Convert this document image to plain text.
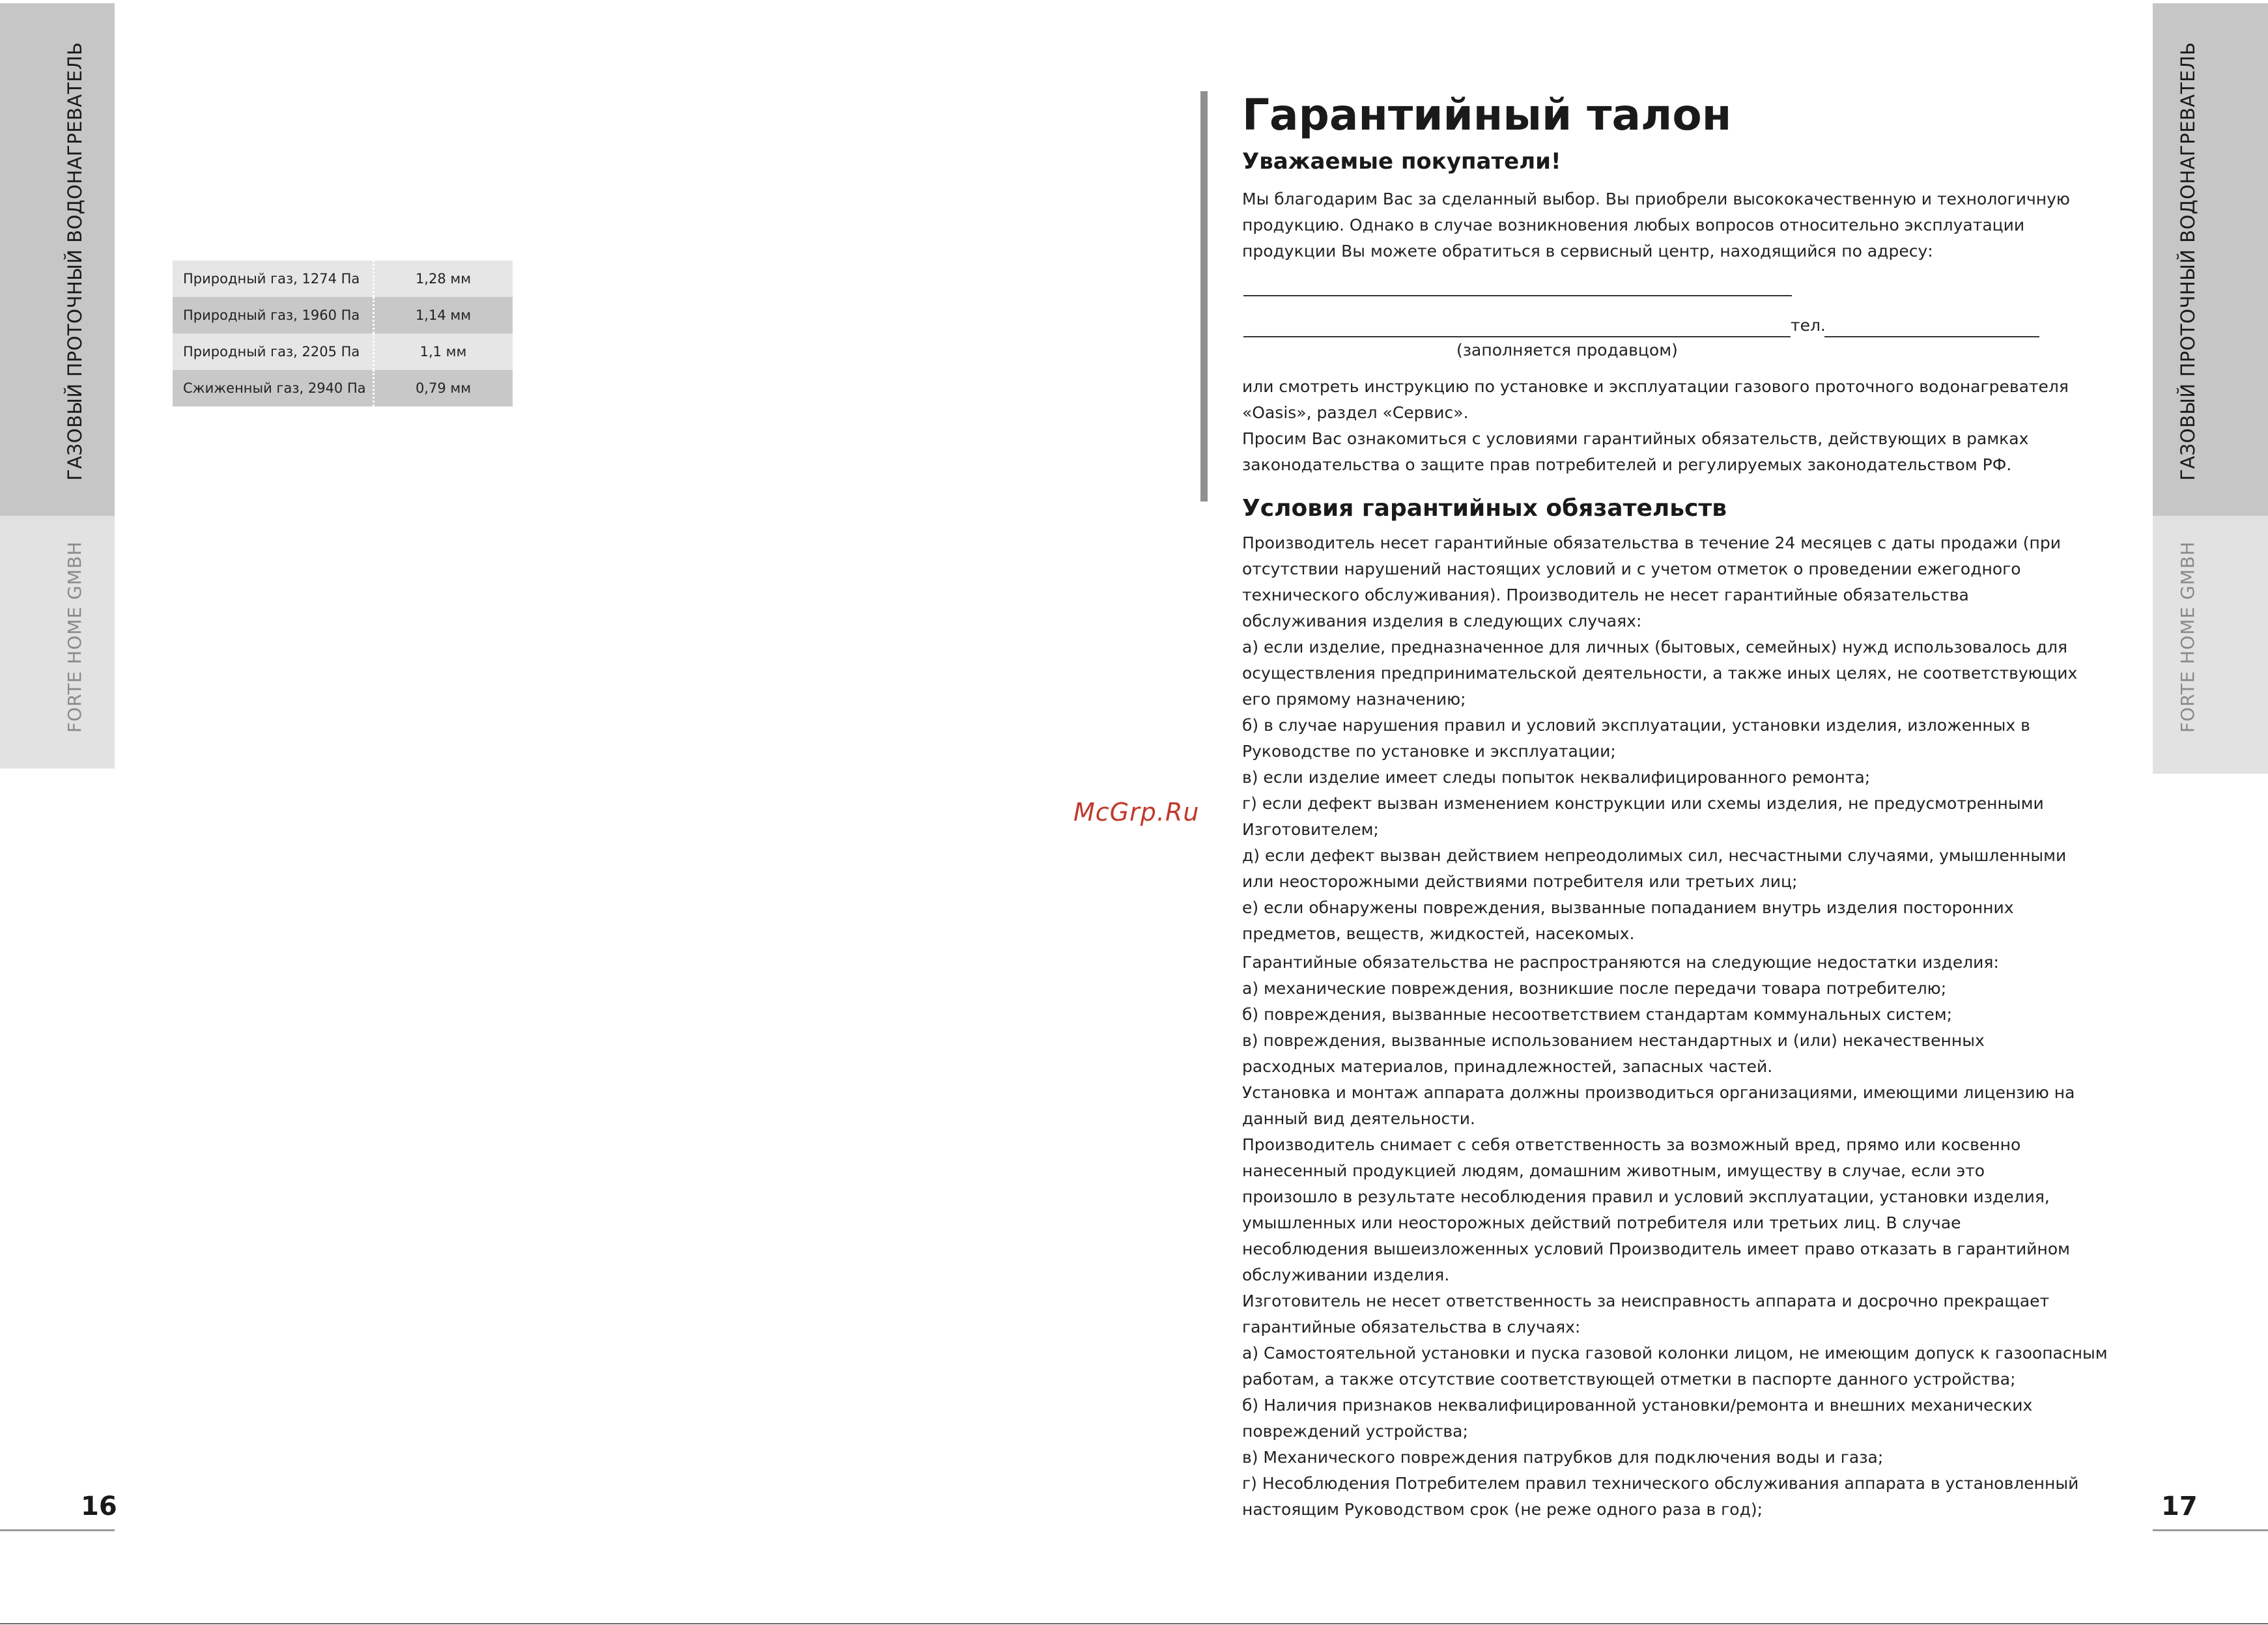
ГАЗОВЫЙ ПРОТОЧНЫЙ ВОДОНАГРЕВАТЕЛЬ
FORTE HOME GMBH
ГАЗОВЫЙ ПРОТОЧНЫЙ ВОДОНАГРЕВАТЕЛЬ
FORTE HOME GMBH
Природный газ, 1274 Па	1,28 мм
Природный газ, 1960 Па	1,14 мм
Природный газ, 2205 Па	1,1 мм
Сжиженный газ, 2940 Па	0,79 мм
16	17
McGrp.Ru
Гарантийный талон
Уважаемые покупатели!
Мы благодарим Вас за сделанный выбор. Вы приобрели высококачественную и технологичную
продукцию. Однако в случае возникновения любых вопросов относительно эксплуатации
продукции Вы можете обратиться в сервисный центр, находящийся по адресу:
тел.
(заполняется продавцом)
или смотреть инструкцию по установке и эксплуатации газового проточного водонагревателя
«Oasis», раздел «Сервис».
Просим Вас ознакомиться с условиями гарантийных обязательств, действующих в рамках
законодательства о защите прав потребителей и регулируемых законодательством РФ.
Условия гарантийных обязательств
Производитель несет гарантийные обязательства в течение 24 месяцев с даты продажи (при
отсутствии нарушений настоящих условий и с учетом отметок о проведении ежегодного
технического обслуживания). Производитель не несет гарантийные обязательства
обслуживания изделия в следующих случаях:
а) если изделие, предназначенное для личных (бытовых, семейных) нужд использовалось для
осуществления предпринимательской деятельности, а также иных целях, не соответствующих
его прямому назначению;
б) в случае нарушения правил и условий эксплуатации, установки изделия, изложенных в
Руководстве по установке и эксплуатации;
в) если изделие имеет следы попыток неквалифицированного ремонта;
г) если дефект вызван изменением конструкции или схемы изделия, не предусмотренными
Изготовителем;
д) если дефект вызван действием непреодолимых сил, несчастными случаями, умышленными
или неосторожными действиями потребителя или третьих лиц;
е) если обнаружены повреждения, вызванные попаданием внутрь изделия посторонних
предметов, веществ, жидкостей, насекомых.
Гарантийные обязательства не распространяются на следующие недостатки изделия:
а) механические повреждения, возникшие после передачи товара потребителю;
б) повреждения, вызванные несоответствием стандартам коммунальных систем;
в) повреждения, вызванные использованием нестандартных и (или) некачественных
расходных материалов, принадлежностей, запасных частей.
Установка и монтаж аппарата должны производиться организациями, имеющими лицензию на
данный вид деятельности.
Производитель снимает с себя ответственность за возможный вред, прямо или косвенно
нанесенный продукцией людям, домашним животным, имуществу в случае, если это
произошло в результате несоблюдения правил и условий эксплуатации, установки изделия,
умышленных или неосторожных действий потребителя или третьих лиц. В случае
несоблюдения вышеизложенных условий Производитель имеет право отказать в гарантийном
обслуживании изделия.
Изготовитель не несет ответственность за неисправность аппарата и досрочно прекращает
гарантийные обязательства в случаях:
а) Самостоятельной установки и пуска газовой колонки лицом, не имеющим допуск к газоопасным
работам, а также отсутствие соответствующей отметки в паспорте данного устройства;
б) Наличия признаков неквалифицированной установки/ремонта и внешних механических
повреждений устройства;
в) Механического повреждения патрубков для подключения воды и газа;
г) Несоблюдения Потребителем правил технического обслуживания аппарата в установленный
настоящим Руководством срок (не реже одного раза в год);
